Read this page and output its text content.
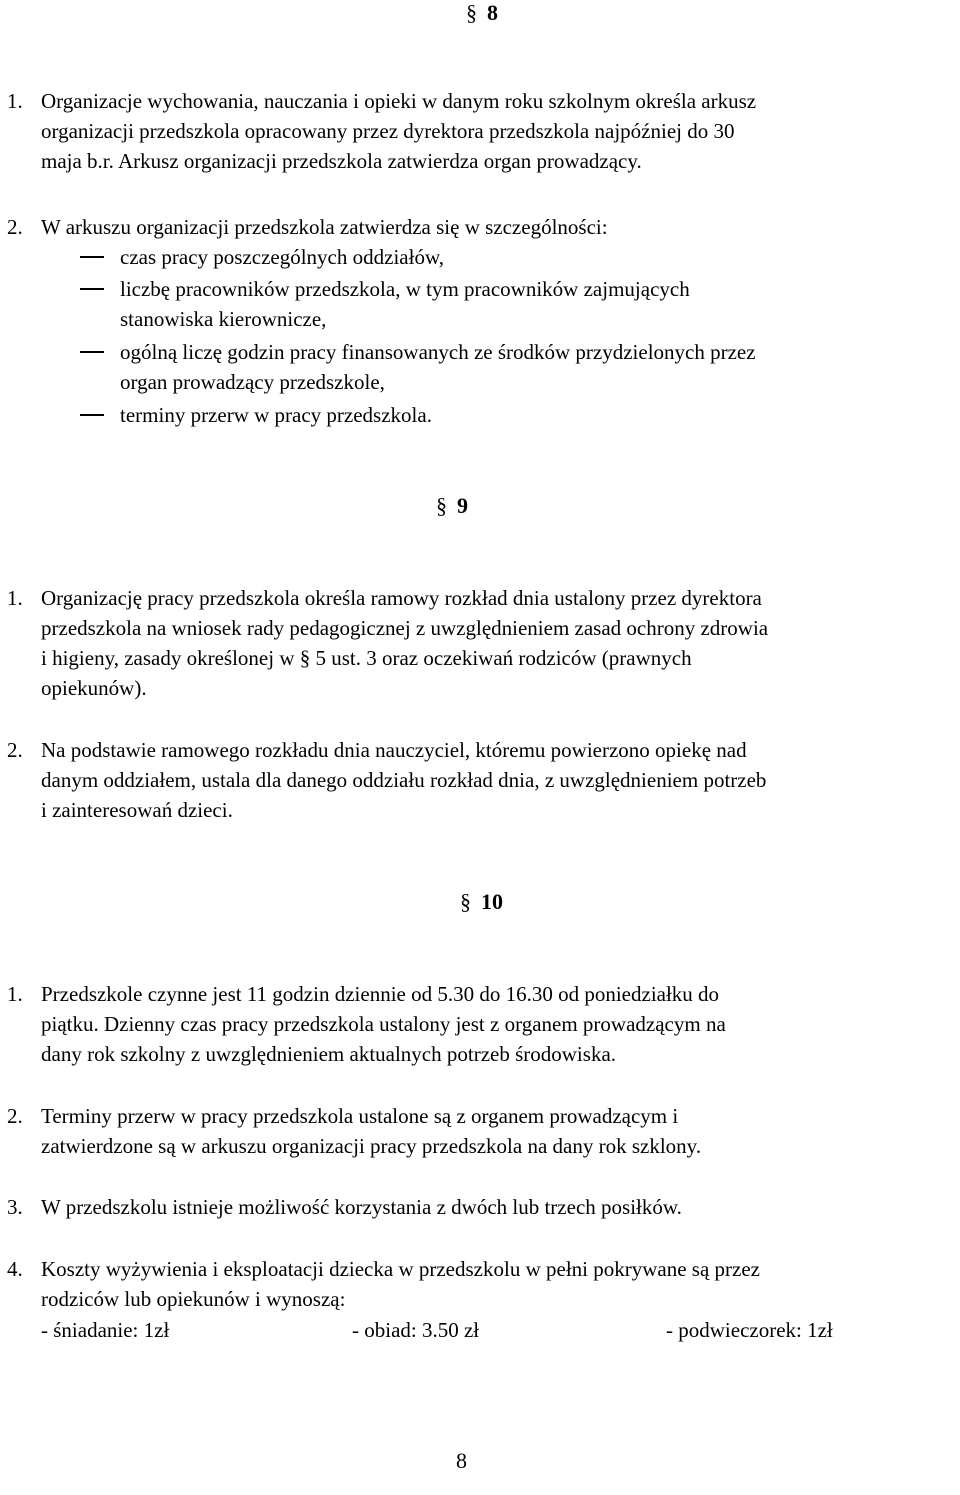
§ 8
1. Organizacje wychowania, nauczania i opieki w danym roku szkolnym określa arkusz
organizacji przedszkola opracowany przez dyrektora przedszkola najpóźniej do 30
maja b.r. Arkusz organizacji przedszkola zatwierdza organ prowadzący.
2. W arkuszu organizacji przedszkola zatwierdza się w szczególności:
czas pracy poszczególnych oddziałów,
liczbę pracowników przedszkola, w tym pracowników zajmujących
stanowiska kierownicze,
ogólną liczę godzin pracy finansowanych ze środków przydzielonych przez
organ prowadzący przedszkole,
terminy przerw w pracy przedszkola.
§ 9
1. Organizację pracy przedszkola określa ramowy rozkład dnia ustalony przez dyrektora
przedszkola na wniosek rady pedagogicznej z uwzględnieniem zasad ochrony zdrowia
i higieny, zasady określonej w § 5 ust. 3 oraz oczekiwań rodziców (prawnych
opiekunów).
2. Na podstawie ramowego rozkładu dnia nauczyciel, któremu powierzono opiekę nad
danym oddziałem, ustala dla danego oddziału rozkład dnia, z uwzględnieniem potrzeb
i zainteresowań dzieci.
§ 10
1. Przedszkole czynne jest 11 godzin dziennie od 5.30 do 16.30 od poniedziałku do
piątku. Dzienny czas pracy przedszkola ustalony jest z organem prowadzącym na
dany rok szkolny z uwzględnieniem aktualnych potrzeb środowiska.
2. Terminy przerw w pracy przedszkola ustalone są z organem prowadzącym i
zatwierdzone są w arkuszu organizacji pracy przedszkola na dany rok szklony.
3. W przedszkolu istnieje możliwość korzystania z dwóch lub trzech posiłków.
4. Koszty wyżywienia i eksploatacji dziecka w przedszkolu w pełni pokrywane są przez
rodziców lub opiekunów i wynoszą:
- śniadanie: 1zł	- obiad: 3.50 zł	- podwieczorek: 1zł
8
